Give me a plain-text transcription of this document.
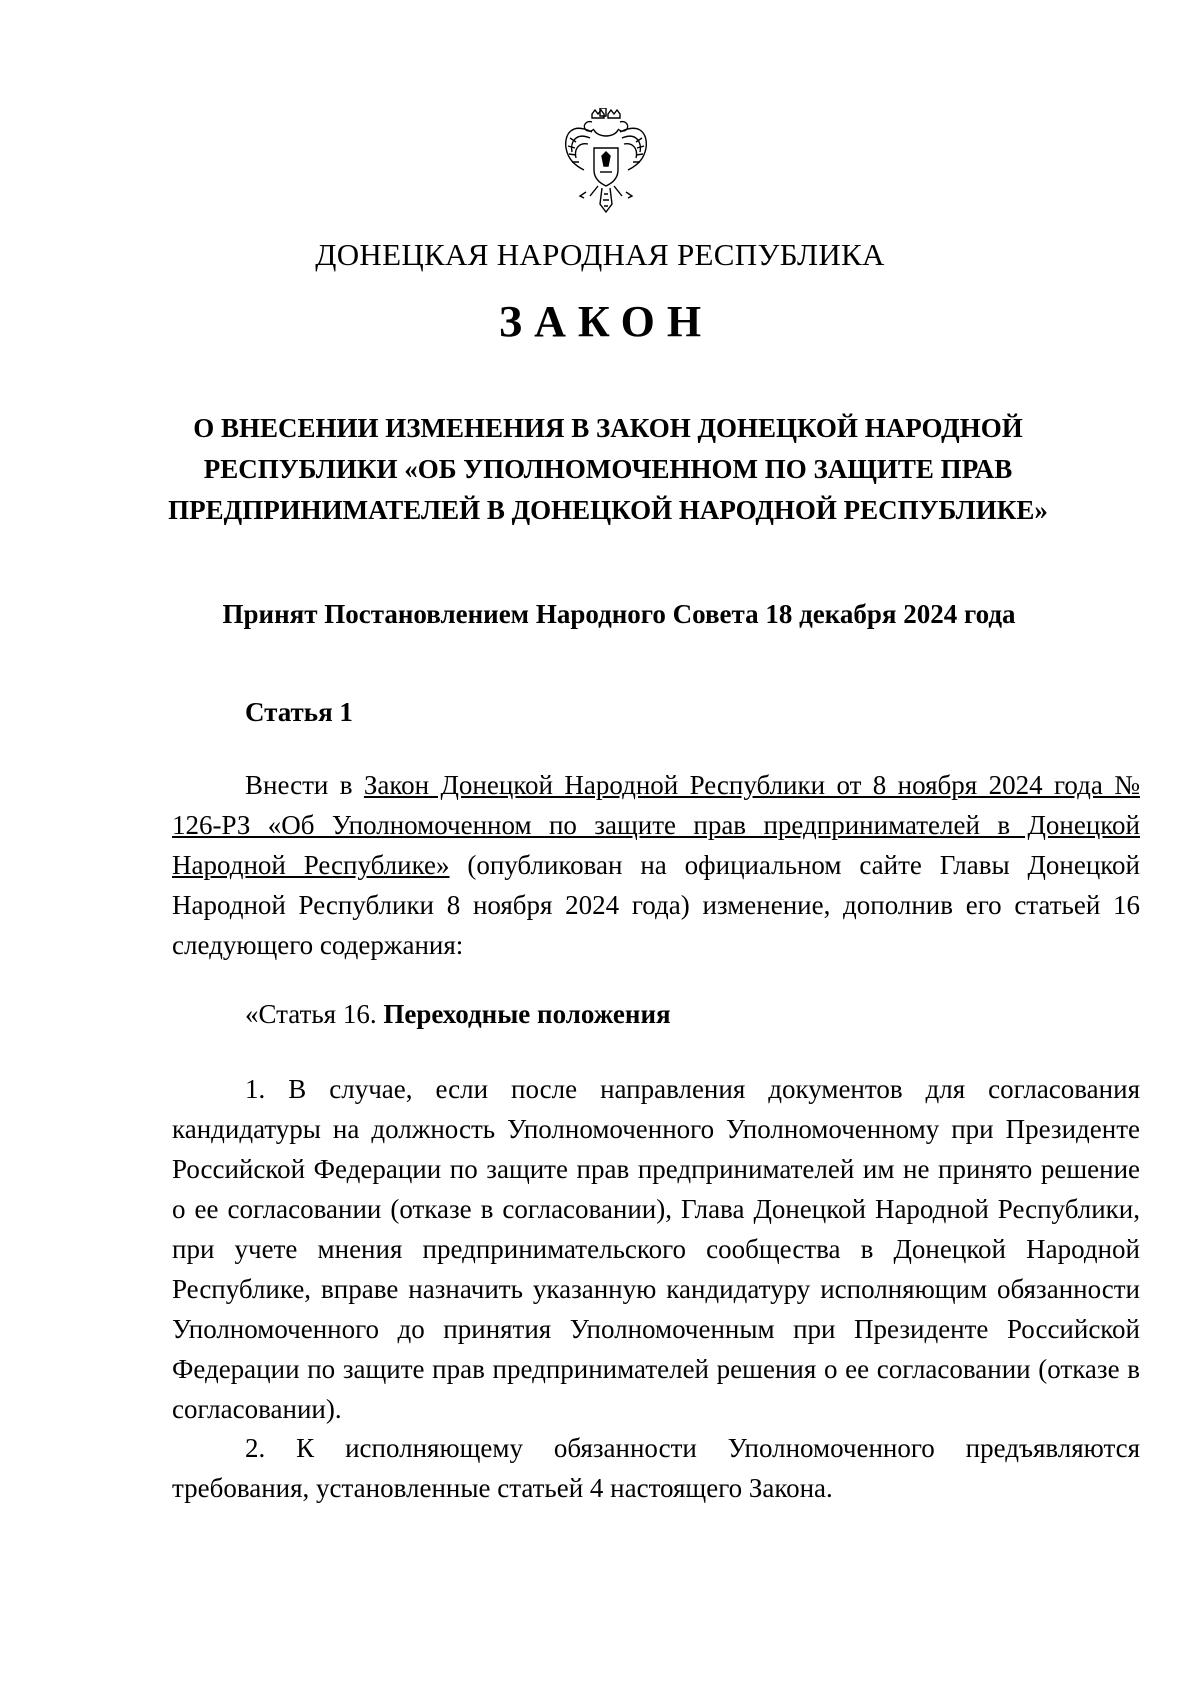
ДОНЕЦКАЯ НАРОДНАЯ РЕСПУБЛИКА
ЗАКОН
О ВНЕСЕНИИ ИЗМЕНЕНИЯ В ЗАКОН ДОНЕЦКОЙ НАРОДНОЙ
РЕСПУБЛИКИ «ОБ УПОЛНОМОЧЕННОМ ПО ЗАЩИТЕ ПРАВ
ПРЕДПРИНИМАТЕЛЕЙ В ДОНЕЦКОЙ НАРОДНОЙ РЕСПУБЛИКЕ»
Принят Постановлением Народного Совета 18 декабря 2024 года
Статья 1

Внести в Закон Донецкой Народной Республики от 8 ноября 2024 года № 126-РЗ «Об Уполномоченном по защите прав предпринимателей в Донецкой Народной Республике» (опубликован на официальном сайте Главы Донецкой Народной Республики 8 ноября 2024 года) изменение, дополнив его статьей 16 следующего содержания:

«Статья 16. Переходные положения

1. В случае, если после направления документов для согласования кандидатуры на должность Уполномоченного Уполномоченному при Президенте Российской Федерации по защите прав предпринимателей им не принято решение о ее согласовании (отказе в согласовании), Глава Донецкой Народной Республики, при учете мнения предпринимательского сообщества в Донецкой Народной Республике, вправе назначить указанную кандидатуру исполняющим обязанности Уполномоченного до принятия Уполномоченным при Президенте Российской Федерации по защите прав предпринимателей решения о ее согласовании (отказе в согласовании).

2. К исполняющему обязанности Уполномоченного предъявляются требования, установленные статьей 4 настоящего Закона.
